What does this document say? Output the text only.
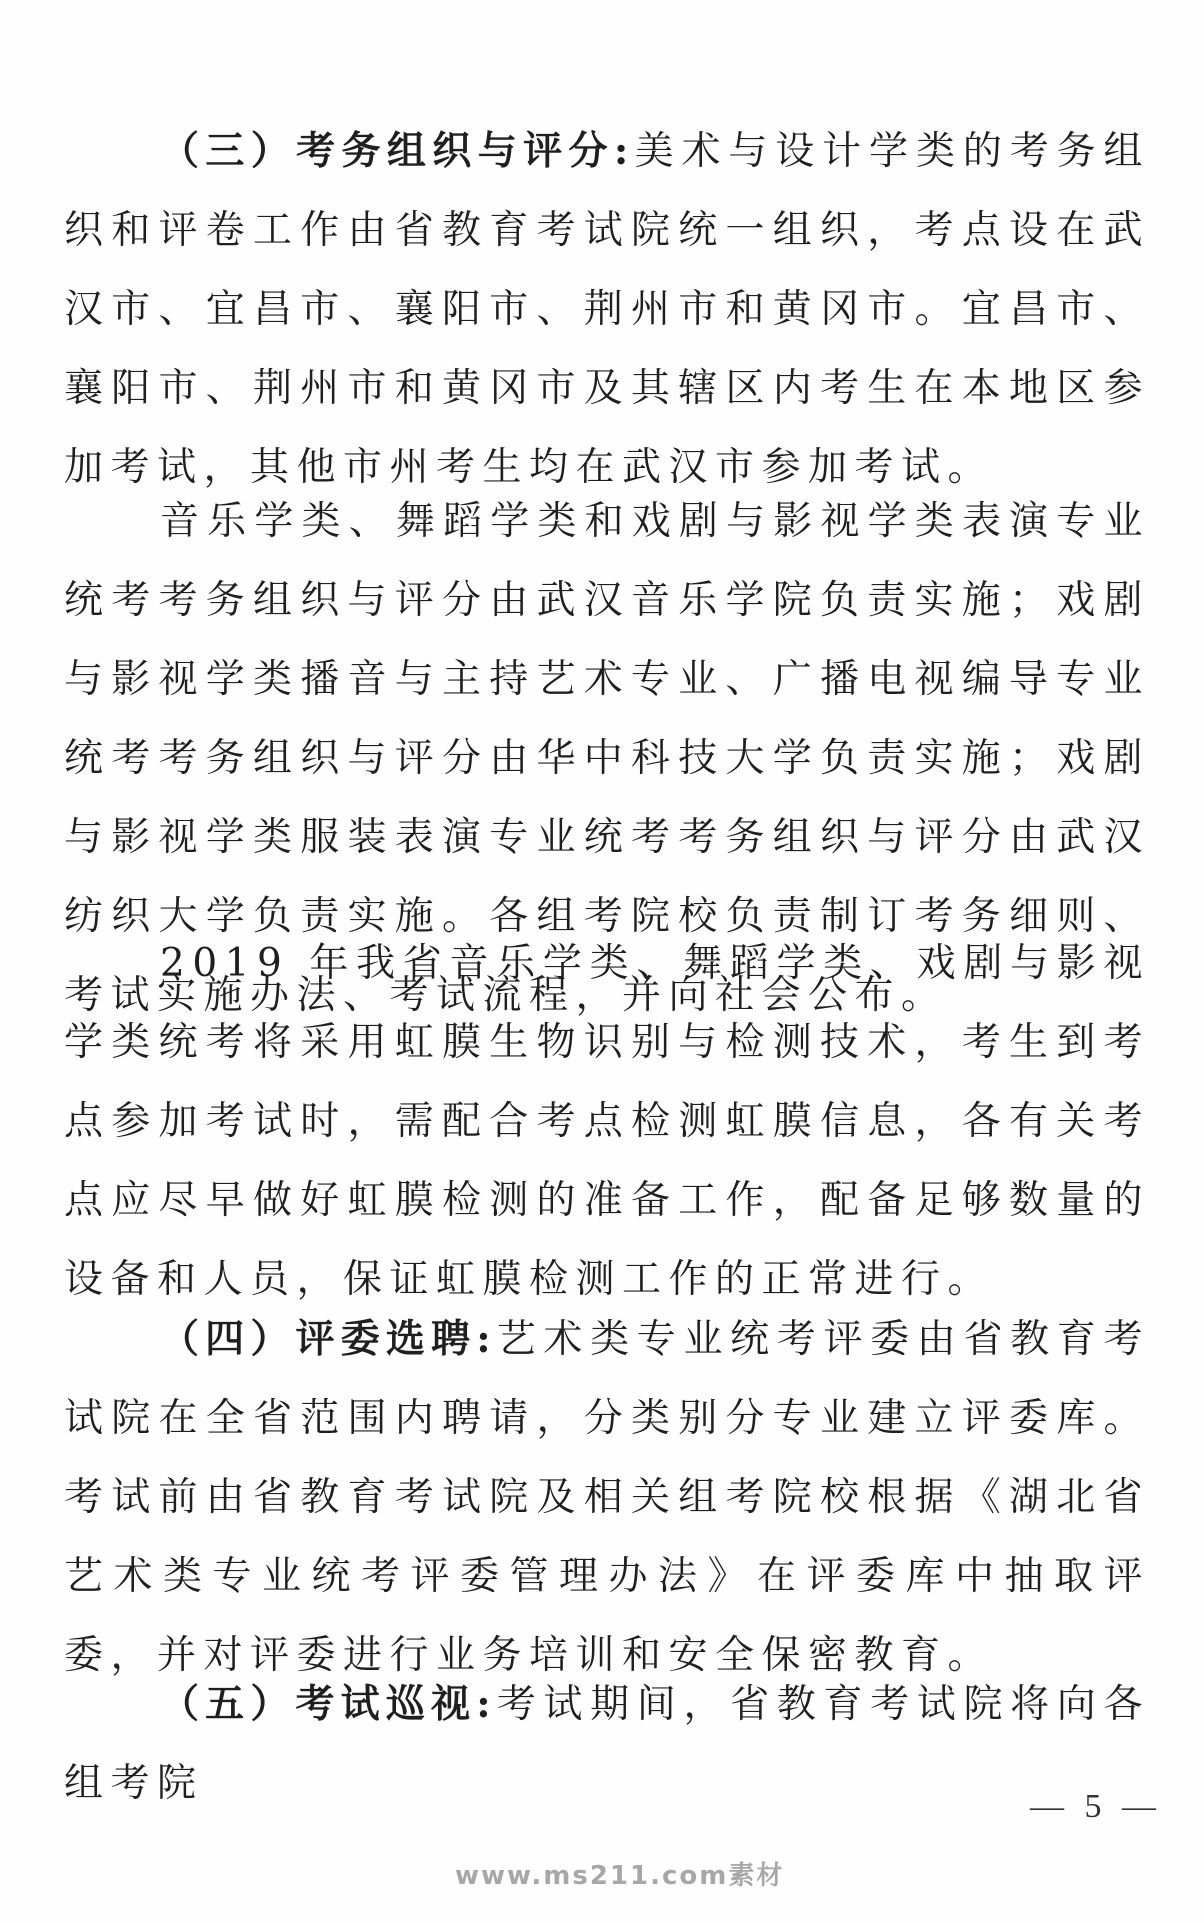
（三）考务组织与评分:美术与设计学类的考务组织和评卷工作由省教育考试院统一组织，考点设在武汉市、宜昌市、襄阳市、荆州市和黄冈市。宜昌市、襄阳市、荆州市和黄冈市及其辖区内考生在本地区参加考试，其他市州考生均在武汉市参加考试。

音乐学类、舞蹈学类和戏剧与影视学类表演专业统考考务组织与评分由武汉音乐学院负责实施；戏剧与影视学类播音与主持艺术专业、广播电视编导专业统考考务组织与评分由华中科技大学负责实施；戏剧与影视学类服装表演专业统考考务组织与评分由武汉纺织大学负责实施。各组考院校负责制订考务细则、考试实施办法、考试流程，并向社会公布。

2019 年我省音乐学类、舞蹈学类、戏剧与影视学类统考将采用虹膜生物识别与检测技术，考生到考点参加考试时，需配合考点检测虹膜信息，各有关考点应尽早做好虹膜检测的准备工作，配备足够数量的设备和人员，保证虹膜检测工作的正常进行。

（四）评委选聘:艺术类专业统考评委由省教育考试院在全省范围内聘请，分类别分专业建立评委库。考试前由省教育考试院及相关组考院校根据《湖北省艺术类专业统考评委管理办法》在评委库中抽取评委，并对评委进行业务培训和安全保密教育。

（五）考试巡视:考试期间，省教育考试院将向各组考院

— 5 —
www.ms211.com素材
